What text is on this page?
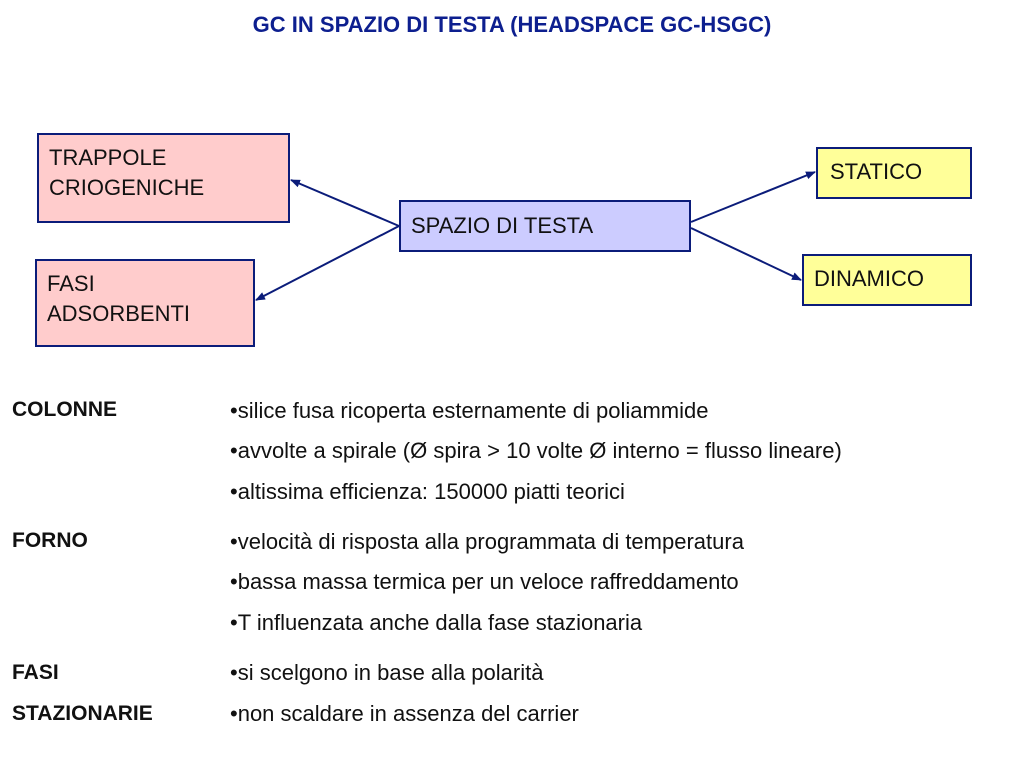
GC IN SPAZIO DI TESTA (HEADSPACE GC-HSGC)
TRAPPOLE
CRIOGENICHE
FASI
ADSORBENTI
SPAZIO DI TESTA
STATICO
DINAMICO
COLONNE	•silice fusa ricoperta esternamente di poliammide
•avvolte a spirale (Ø spira > 10 volte Ø interno = flusso lineare)
•altissima efficienza: 150000 piatti teorici
FORNO	•velocità di risposta alla programmata di temperatura
•bassa massa termica per un veloce raffreddamento
•T influenzata anche dalla fase stazionaria
FASI
STAZIONARIE
•si scelgono in base alla polarità
•non scaldare in assenza del carrier
